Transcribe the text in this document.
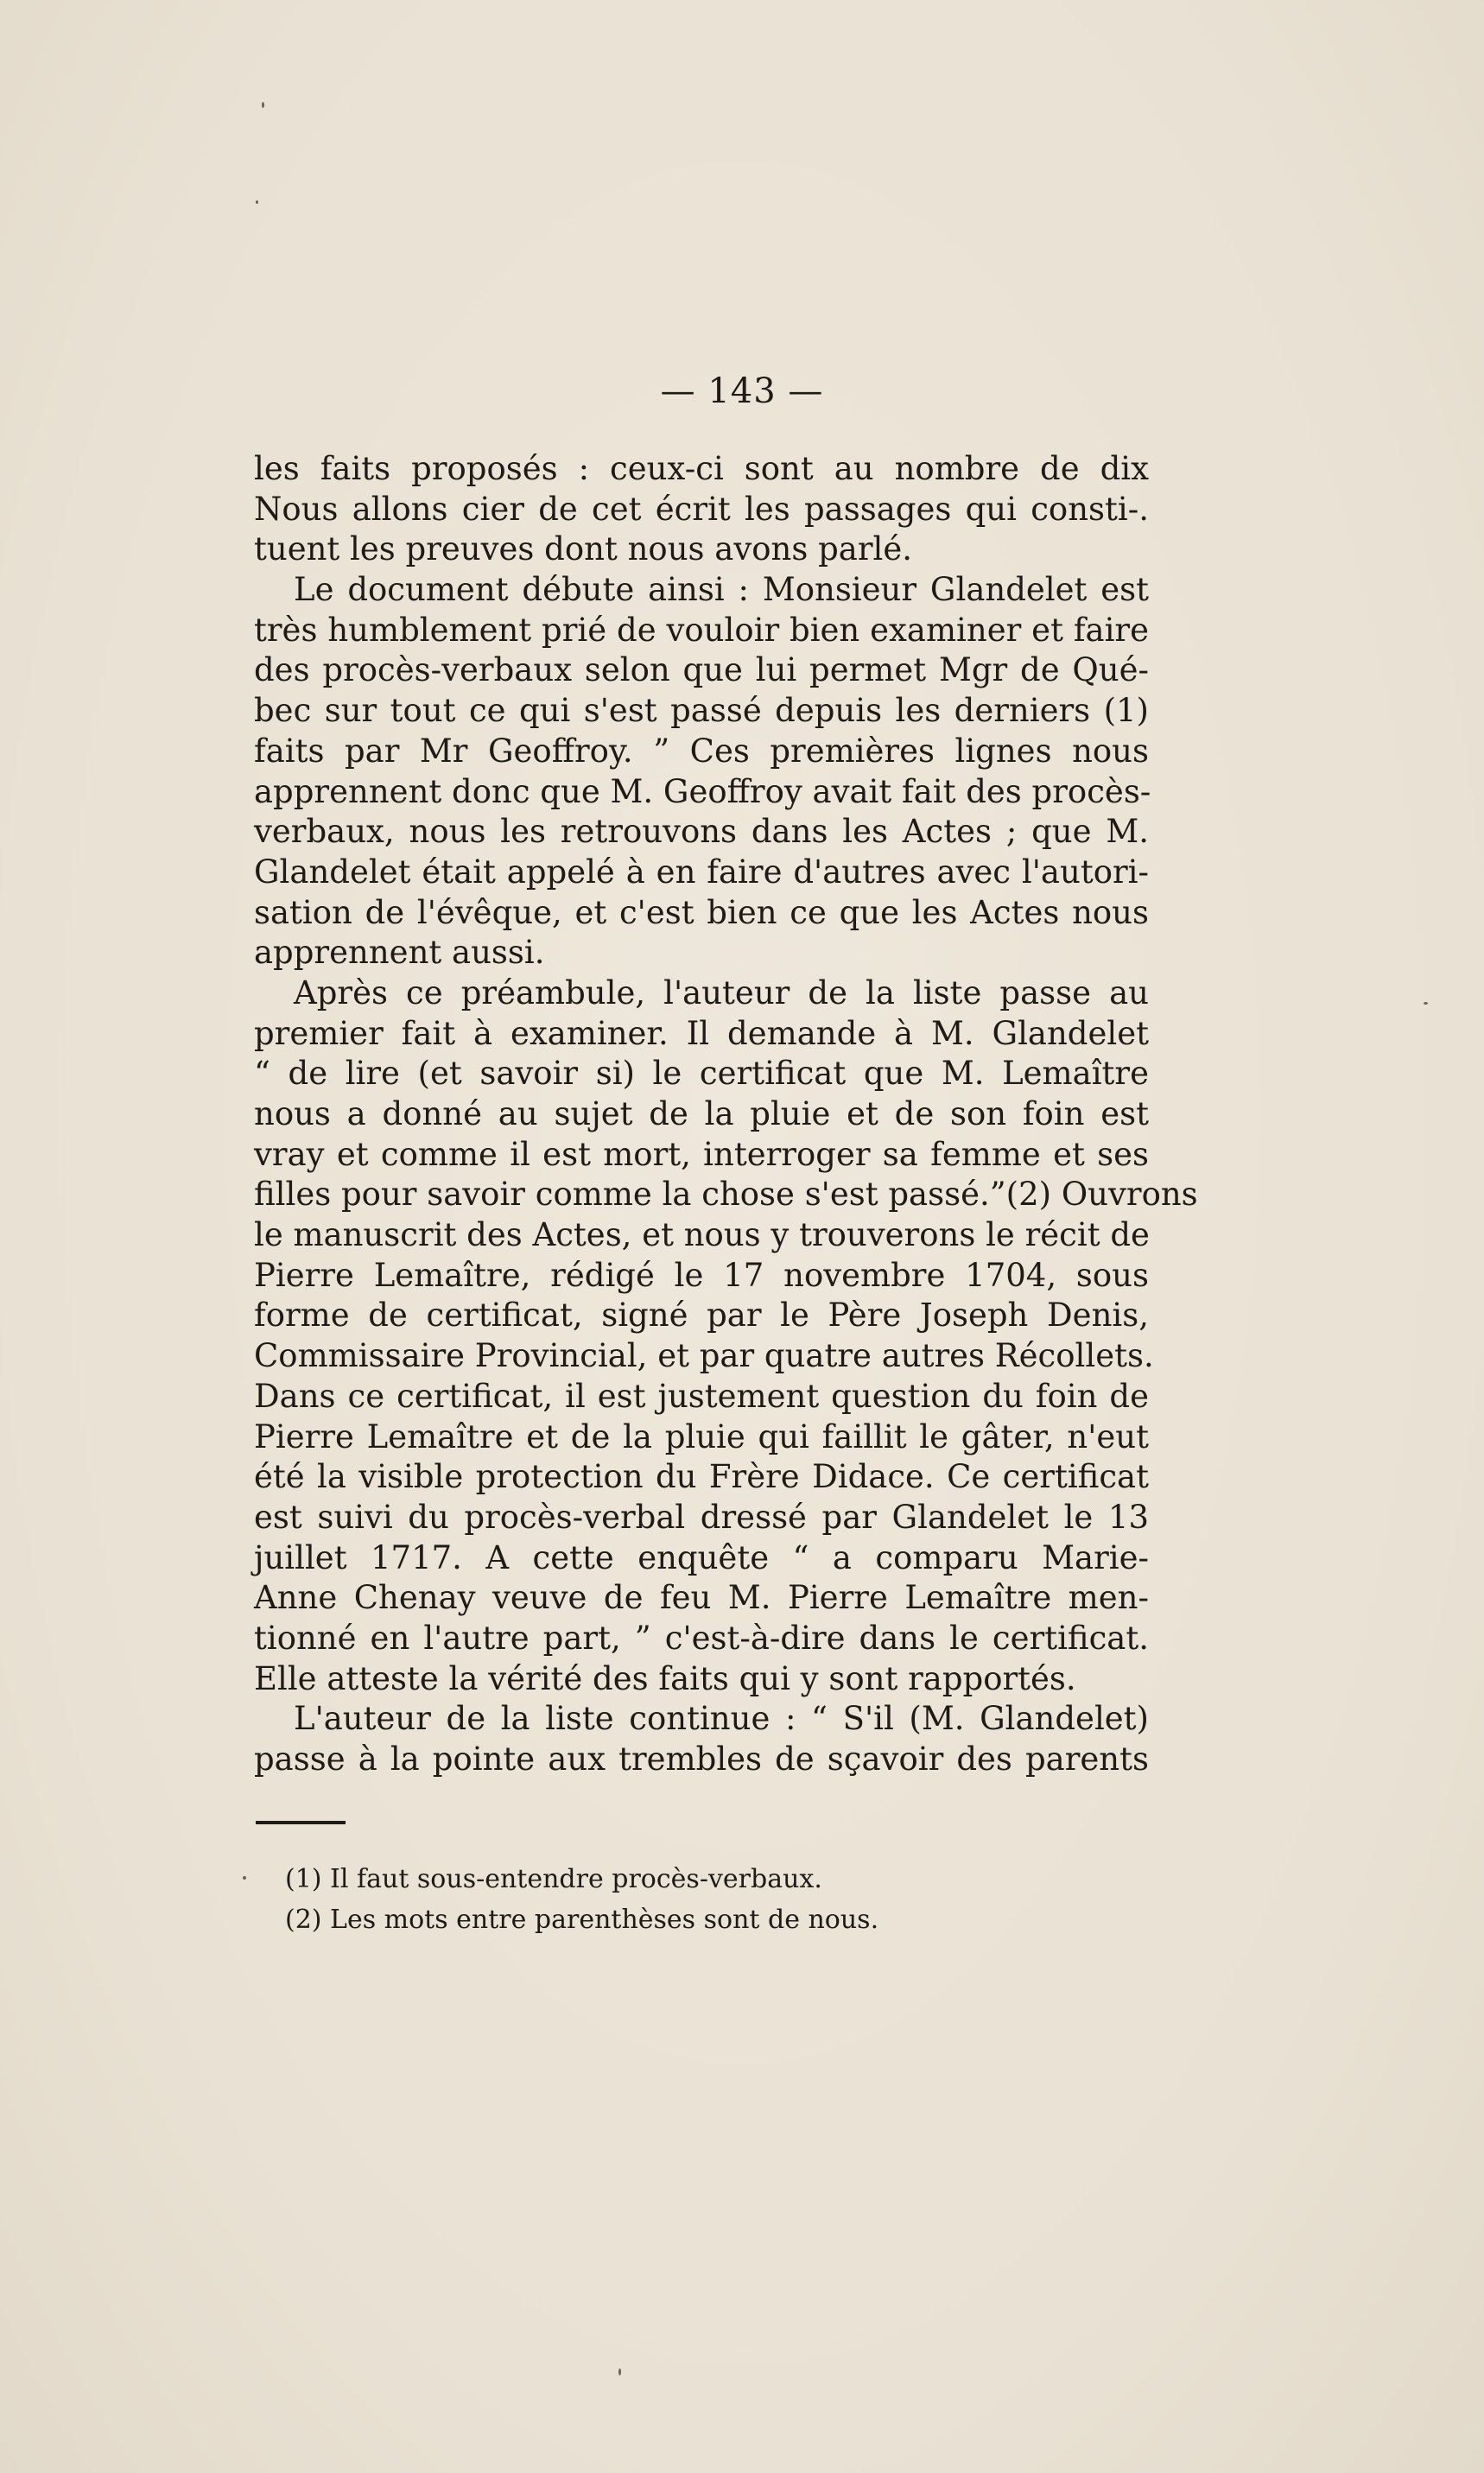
— 143 —
les faits proposés : ceux-ci sont au nombre de dix
Nous allons cier de cet écrit les passages qui consti-.
tuent les preuves dont nous avons parlé.
Le document débute ainsi : Monsieur Glandelet est
très humblement prié de vouloir bien examiner et faire
des procès-verbaux selon que lui permet Mgr de Qué-
bec sur tout ce qui s'est passé depuis les derniers (1)
faits par Mr Geoffroy. ” Ces premières lignes nous
apprennent donc que M. Geoffroy avait fait des procès-
verbaux, nous les retrouvons dans les Actes ; que M.
Glandelet était appelé à en faire d'autres avec l'autori-
sation de l'évêque, et c'est bien ce que les Actes nous
apprennent aussi.
Après ce préambule, l'auteur de la liste passe au
premier fait à examiner. Il demande à M. Glandelet
“ de lire (et savoir si) le certificat que M. Lemaître
nous a donné au sujet de la pluie et de son foin est
vray et comme il est mort, interroger sa femme et ses
filles pour savoir comme la chose s'est passé.”(2) Ouvrons
le manuscrit des Actes, et nous y trouverons le récit de
Pierre Lemaître, rédigé le 17 novembre 1704, sous
forme de certificat, signé par le Père Joseph Denis,
Commissaire Provincial, et par quatre autres Récollets.
Dans ce certificat, il est justement question du foin de
Pierre Lemaître et de la pluie qui faillit le gâter, n'eut
été la visible protection du Frère Didace. Ce certificat
est suivi du procès-verbal dressé par Glandelet le 13
juillet 1717. A cette enquête “ a comparu Marie-
Anne Chenay veuve de feu M. Pierre Lemaître men-
tionné en l'autre part, ” c'est-à-dire dans le certificat.
Elle atteste la vérité des faits qui y sont rapportés.
L'auteur de la liste continue : “ S'il (M. Glandelet)
passe à la pointe aux trembles de sçavoir des parents
(1) Il faut sous-entendre procès-verbaux.
(2) Les mots entre parenthèses sont de nous.
